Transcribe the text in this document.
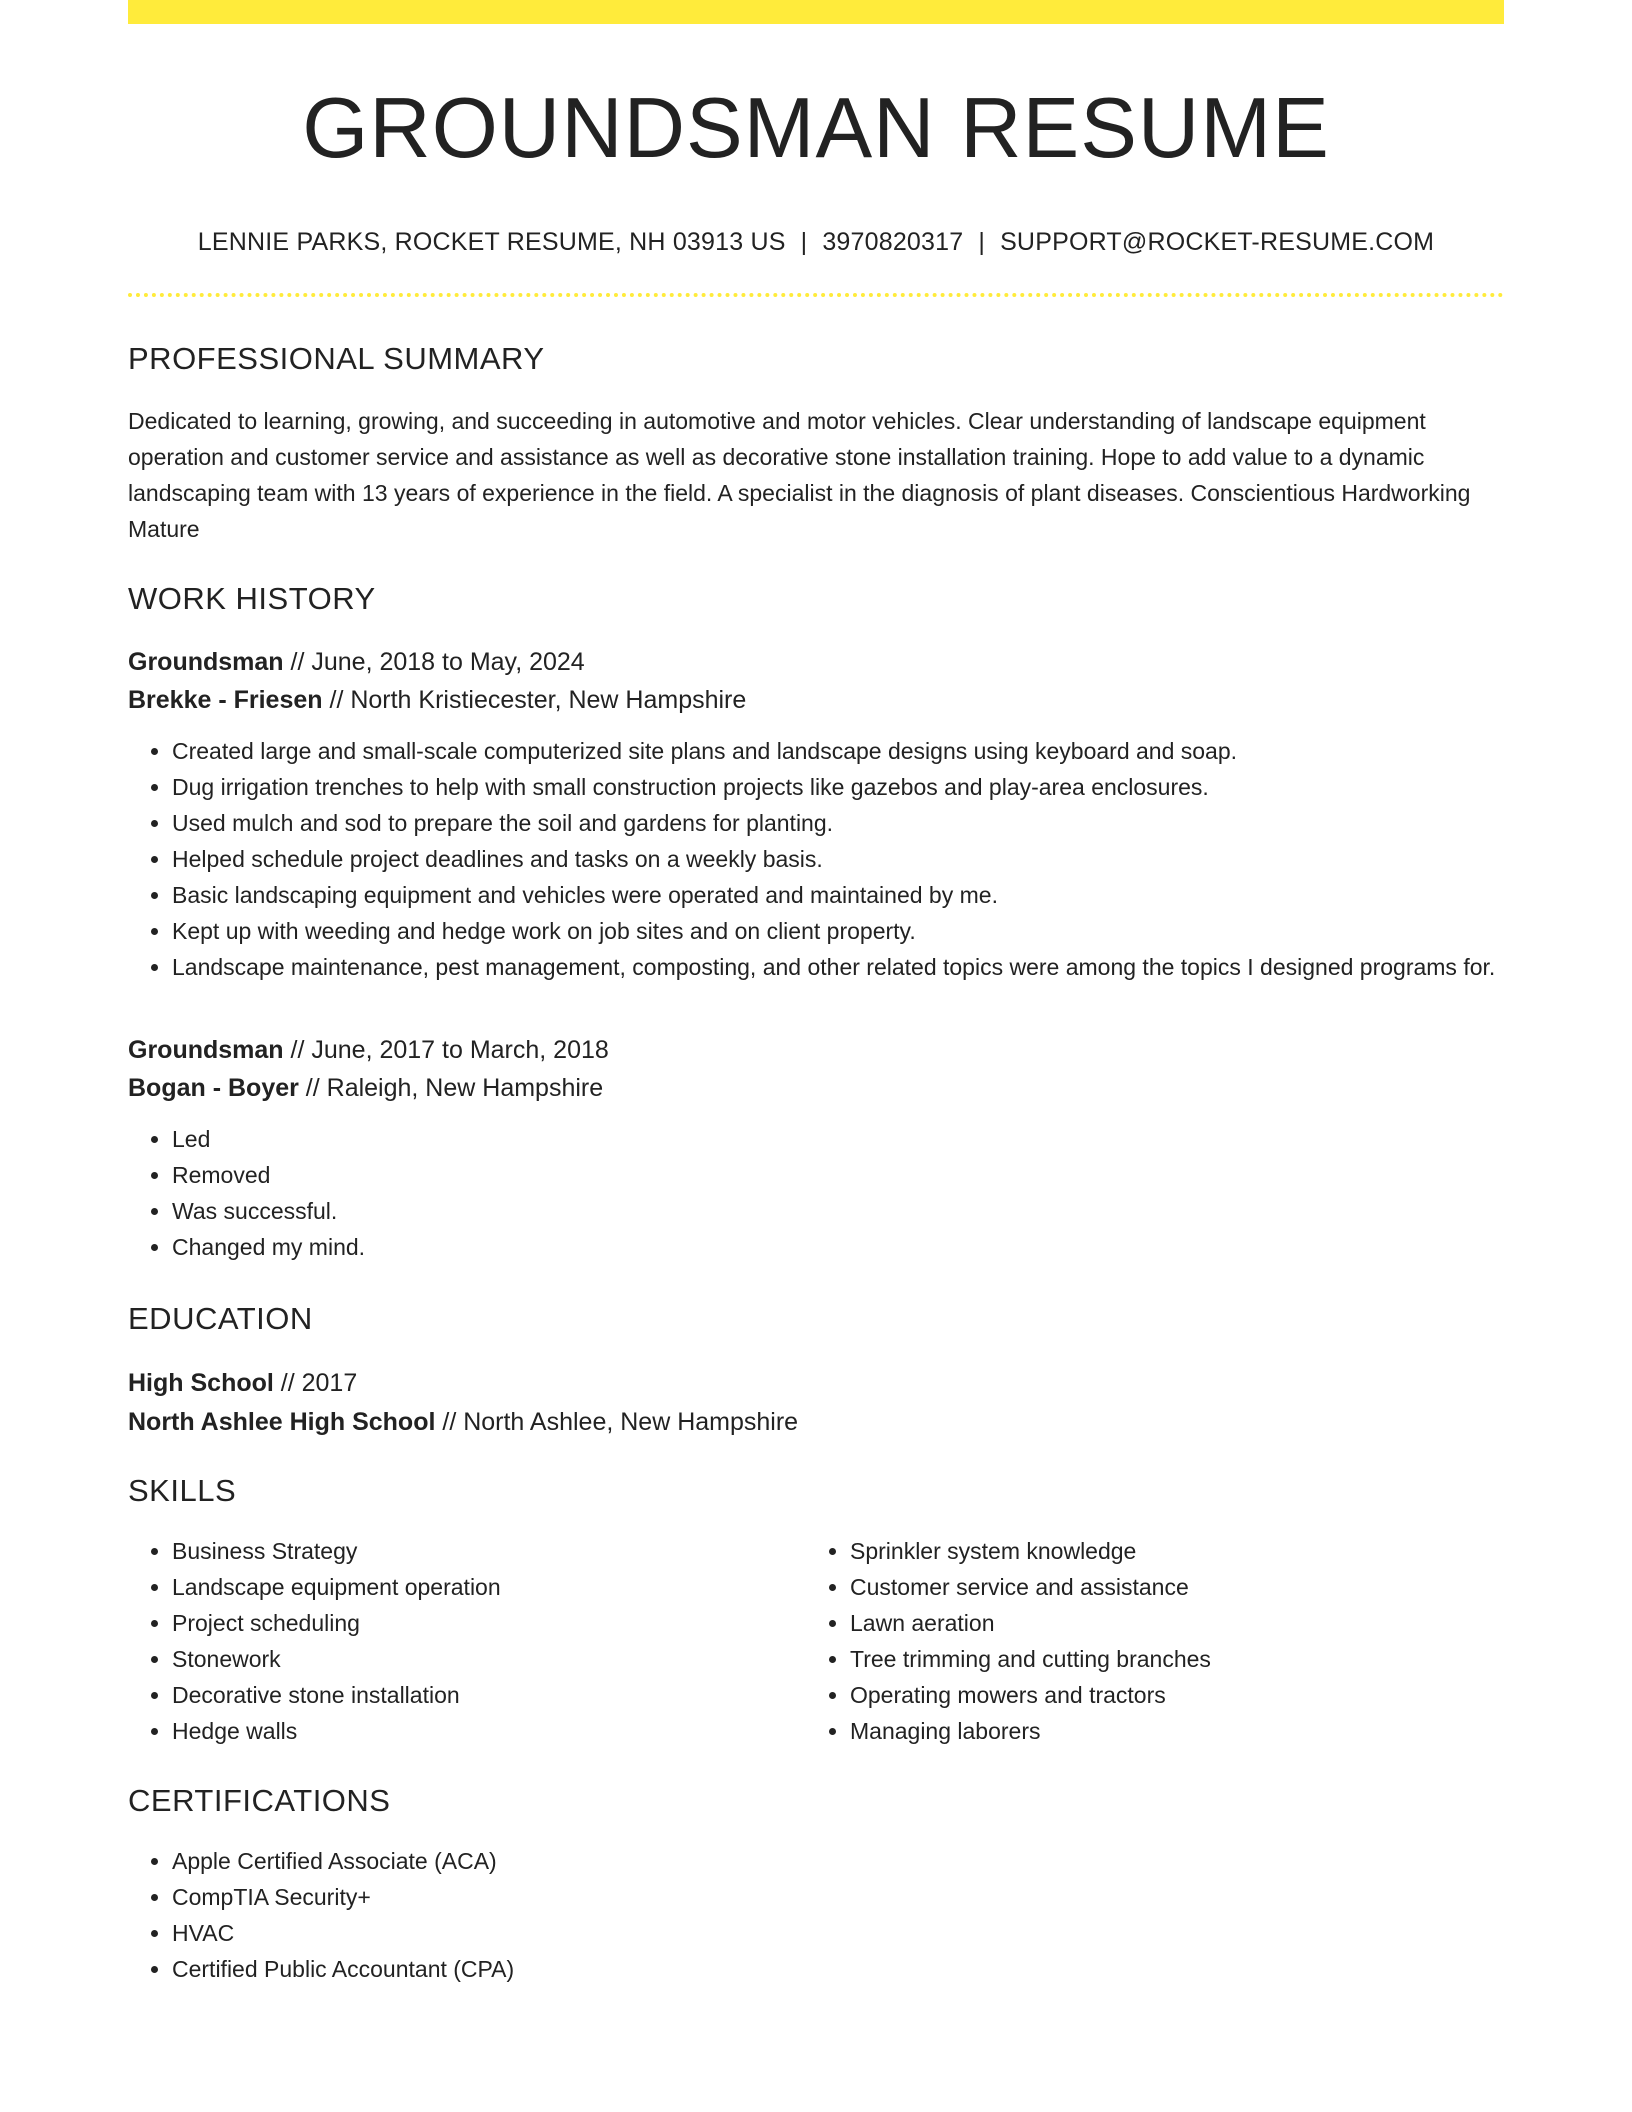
GROUNDSMAN RESUME
LENNIE PARKS, ROCKET RESUME, NH 03913 US | 3970820317 | SUPPORT@ROCKET-RESUME.COM
PROFESSIONAL SUMMARY
Dedicated to learning, growing, and succeeding in automotive and motor vehicles. Clear understanding of landscape equipment operation and customer service and assistance as well as decorative stone installation training. Hope to add value to a dynamic landscaping team with 13 years of experience in the field. A specialist in the diagnosis of plant diseases. Conscientious Hardworking Mature
WORK HISTORY
Groundsman // June, 2018 to May, 2024
Brekke - Friesen // North Kristiecester, New Hampshire
• Created large and small-scale computerized site plans and landscape designs using keyboard and soap.
• Dug irrigation trenches to help with small construction projects like gazebos and play-area enclosures.
• Used mulch and sod to prepare the soil and gardens for planting.
• Helped schedule project deadlines and tasks on a weekly basis.
• Basic landscaping equipment and vehicles were operated and maintained by me.
• Kept up with weeding and hedge work on job sites and on client property.
• Landscape maintenance, pest management, composting, and other related topics were among the topics I designed programs for.
Groundsman // June, 2017 to March, 2018
Bogan - Boyer // Raleigh, New Hampshire
• Led
• Removed
• Was successful.
• Changed my mind.
EDUCATION
High School // 2017
North Ashlee High School // North Ashlee, New Hampshire
SKILLS
• Business Strategy
• Landscape equipment operation
• Project scheduling
• Stonework
• Decorative stone installation
• Hedge walls
• Sprinkler system knowledge
• Customer service and assistance
• Lawn aeration
• Tree trimming and cutting branches
• Operating mowers and tractors
• Managing laborers
CERTIFICATIONS
• Apple Certified Associate (ACA)
• CompTIA Security+
• HVAC
• Certified Public Accountant (CPA)
